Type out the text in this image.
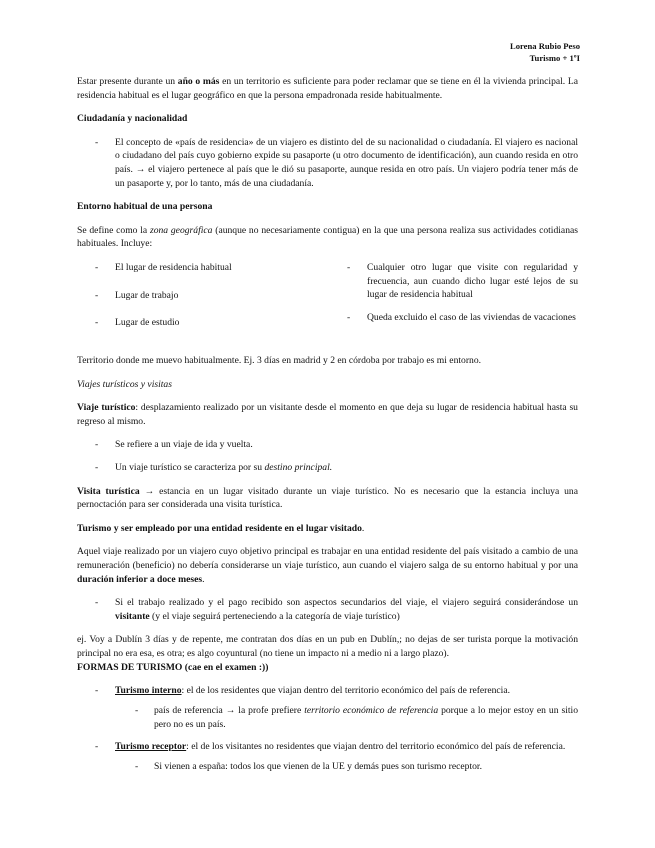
Lorena Rubio Peso
Turismo + 1ºI

Estar presente durante un año o más en un territorio es suficiente para poder reclamar que se tiene en él la vivienda principal. La residencia habitual es el lugar geográfico en que la persona empadronada reside habitualmente.

Ciudadanía y nacionalidad
- El concepto de «país de residencia» de un viajero es distinto del de su nacionalidad o ciudadanía. El viajero es nacional o ciudadano del país cuyo gobierno expide su pasaporte (u otro documento de identificación), aun cuando resida en otro país. → el viajero pertenece al país que le dió su pasaporte, aunque resida en otro país. Un viajero podría tener más de un pasaporte y, por lo tanto, más de una ciudadanía.
Entorno habitual de una persona

Se define como la zona geográfica (aunque no necesariamente contigua) en la que una persona realiza sus actividades cotidianas habituales. Incluye:

- El lugar de residencia habitual
- Lugar de trabajo
- Lugar de estudio
- Cualquier otro lugar que visite con regularidad y frecuencia, aun cuando dicho lugar esté lejos de su lugar de residencia habitual
- Queda excluido el caso de las viviendas de vacaciones

Territorio donde me muevo habitualmente. Ej. 3 días en madrid y 2 en córdoba por trabajo es mi entorno.

Viajes turísticos y visitas

Viaje turístico: desplazamiento realizado por un visitante desde el momento en que deja su lugar de residencia habitual hasta su regreso al mismo.

- Se refiere a un viaje de ida y vuelta.
- Un viaje turístico se caracteriza por su destino principal.

Visita turística → estancia en un lugar visitado durante un viaje turístico. No es necesario que la estancia incluya una pernoctación para ser considerada una visita turística.

Turismo y ser empleado por una entidad residente en el lugar visitado.

Aquel viaje realizado por un viajero cuyo objetivo principal es trabajar en una entidad residente del país visitado a cambio de una remuneración (beneficio) no debería considerarse un viaje turístico, aun cuando el viajero salga de su entorno habitual y por una duración inferior a doce meses.

- Si el trabajo realizado y el pago recibido son aspectos secundarios del viaje, el viajero seguirá considerándose un visitante (y el viaje seguirá perteneciendo a la categoría de viaje turístico)

ej. Voy a Dublín 3 días y de repente, me contratan dos días en un pub en Dublín,; no dejas de ser turista porque la motivación principal no era esa, es otra; es algo coyuntural (no tiene un impacto ni a medio ni a largo plazo).

FORMAS DE TURISMO (cae en el examen :))

- Turismo interno: el de los residentes que viajan dentro del territorio económico del país de referencia.
- país de referencia → la profe prefiere territorio económico de referencia porque a lo mejor estoy en un sitio pero no es un país.
- Turismo receptor: el de los visitantes no residentes que viajan dentro del territorio económico del país de referencia.
- Si vienen a españa: todos los que vienen de la UE y demás pues son turismo receptor.
